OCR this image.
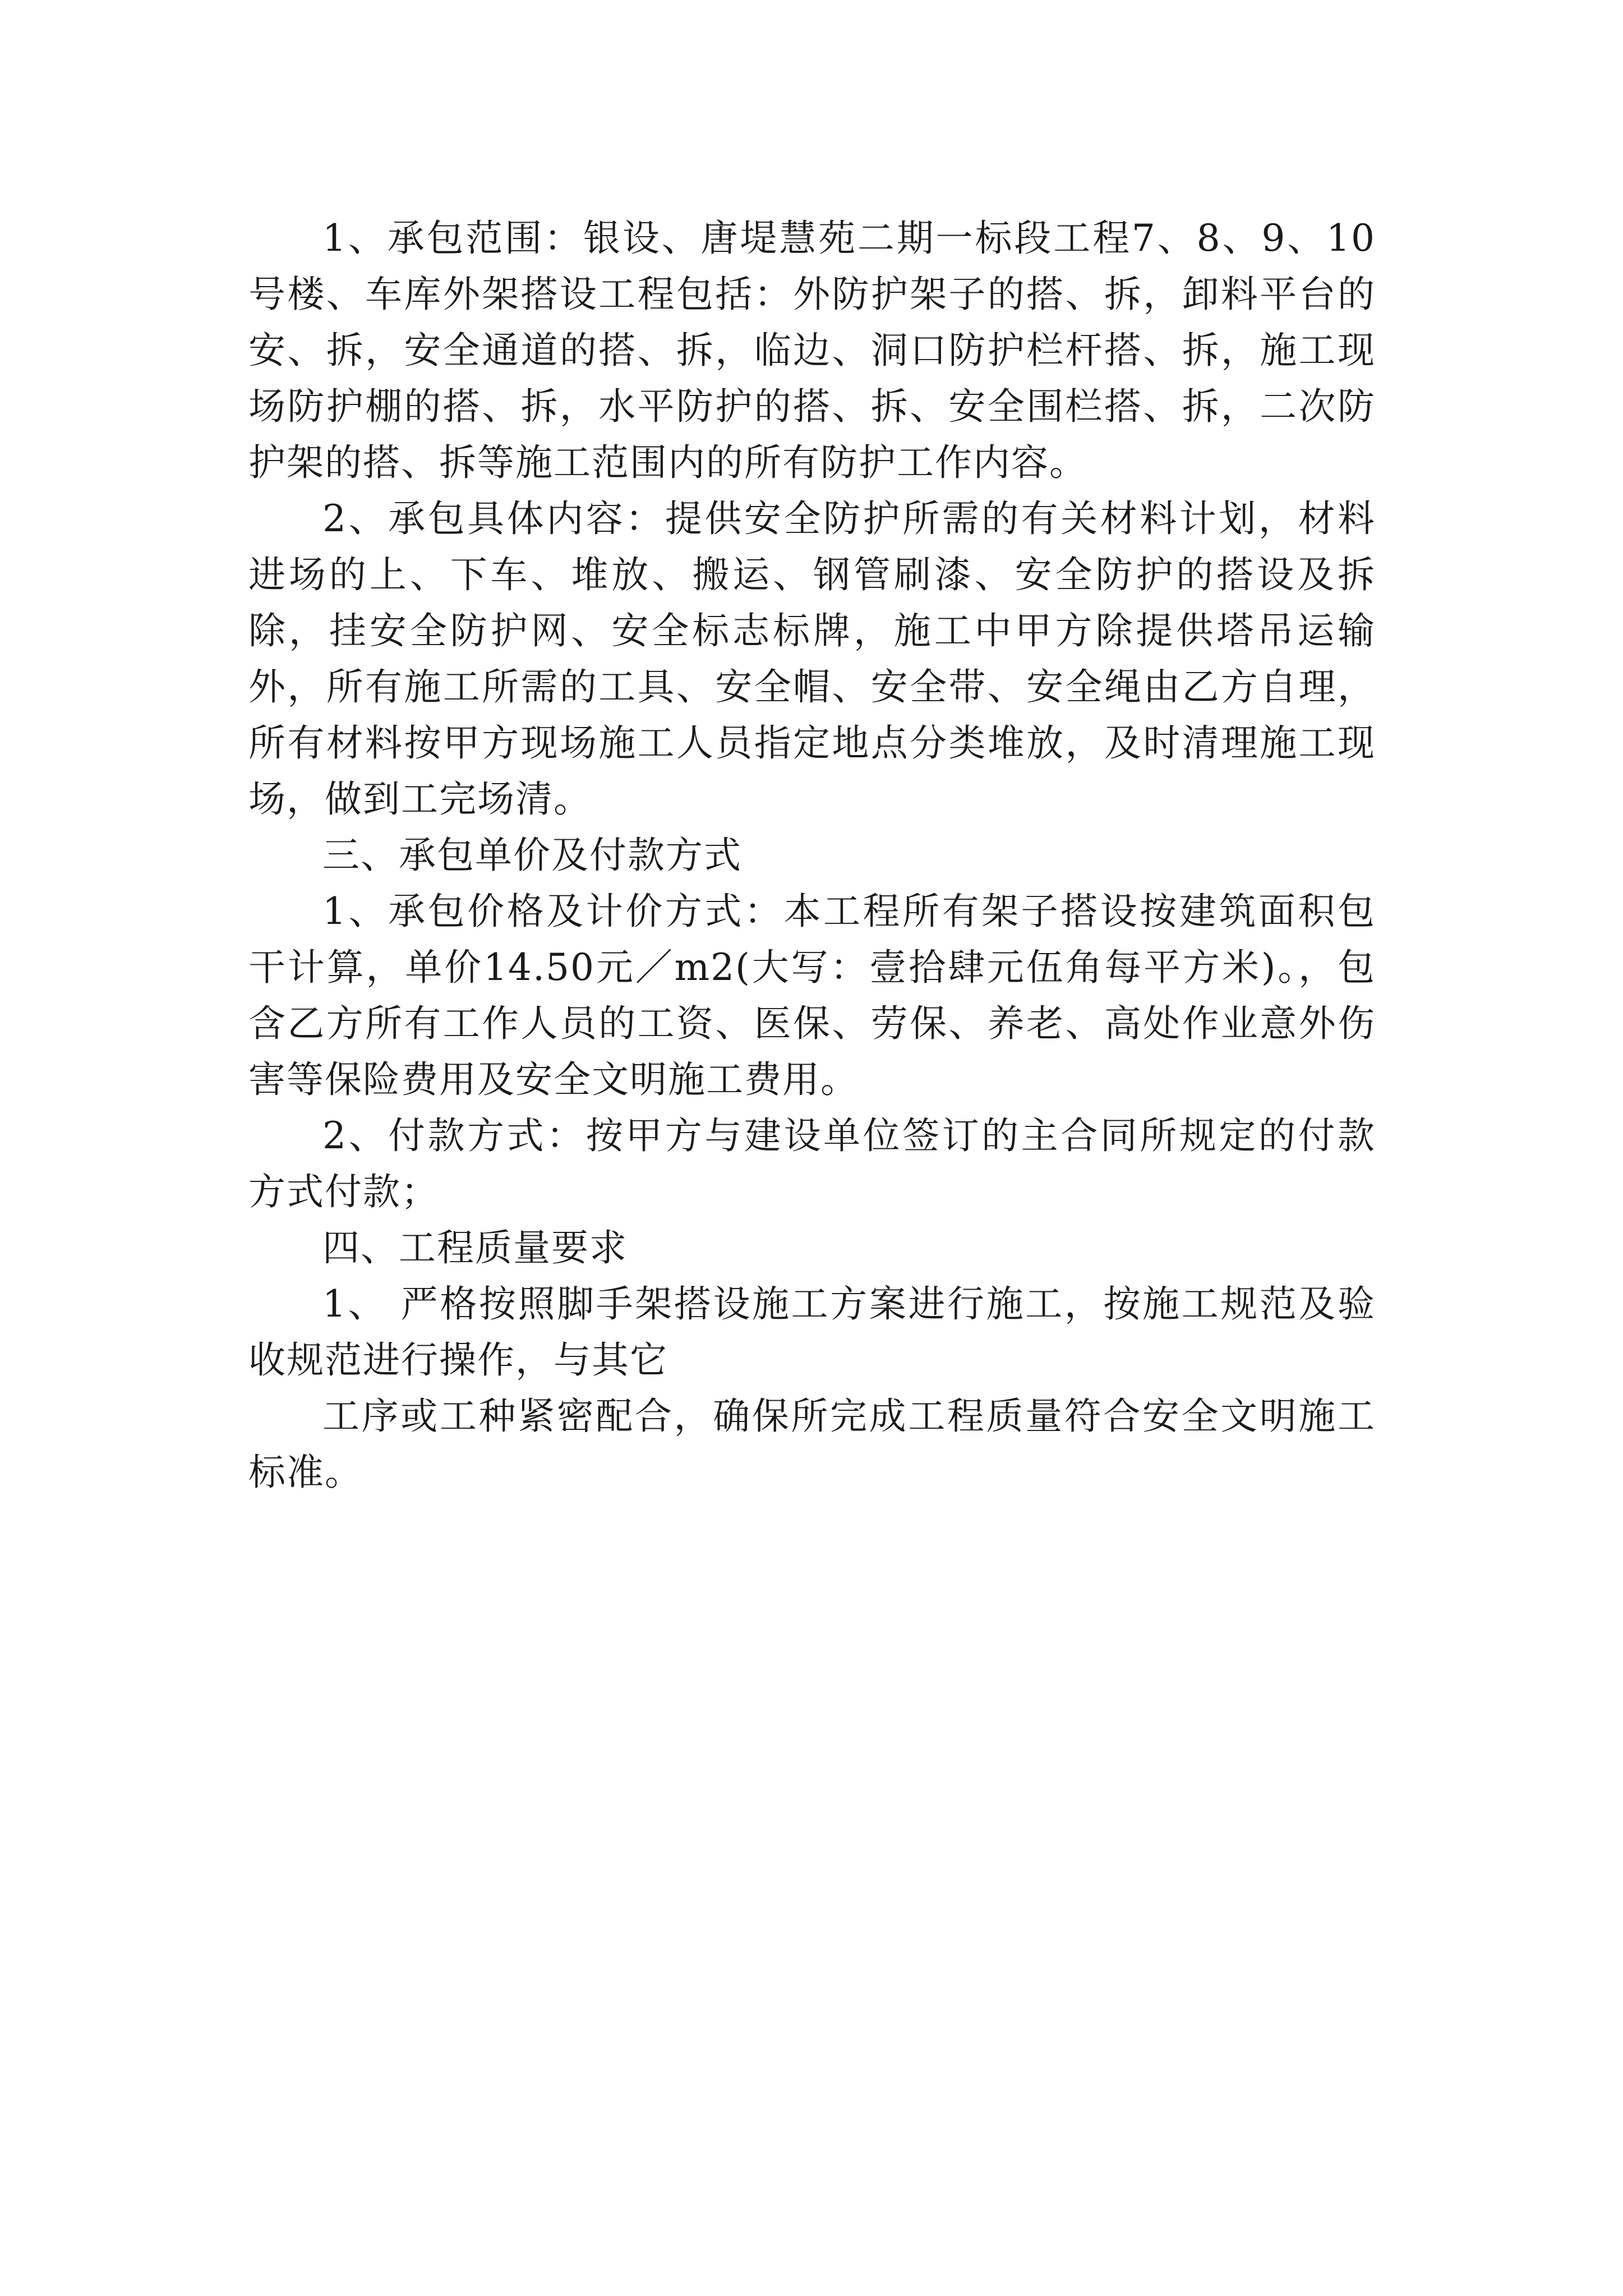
1、承包范围：银设、唐堤慧苑二期一标段工程7、8、9、10号楼、车库外架搭设工程包括：外防护架子的搭、拆，卸料平台的安、拆，安全通道的搭、拆，临边、洞口防护栏杆搭、拆，施工现场防护棚的搭、拆，水平防护的搭、拆、安全围栏搭、拆，二次防护架的搭、拆等施工范围内的所有防护工作内容。

2、承包具体内容：提供安全防护所需的有关材料计划，材料进场的上、下车、堆放、搬运、钢管刷漆、安全防护的搭设及拆除，挂安全防护网、安全标志标牌，施工中甲方除提供塔吊运输外，所有施工所需的工具、安全帽、安全带、安全绳由乙方自理，所有材料按甲方现场施工人员指定地点分类堆放，及时清理施工现场，做到工完场清。

三、承包单价及付款方式

1、承包价格及计价方式：本工程所有架子搭设按建筑面积包干计算，单价14.50元／m2(大写：壹拾肆元伍角每平方米)。，包含乙方所有工作人员的工资、医保、劳保、养老、高处作业意外伤害等保险费用及安全文明施工费用。

2、付款方式：按甲方与建设单位签订的主合同所规定的付款方式付款；

四、工程质量要求

1、 严格按照脚手架搭设施工方案进行施工，按施工规范及验收规范进行操作，与其它

工序或工种紧密配合，确保所完成工程质量符合安全文明施工标准。
